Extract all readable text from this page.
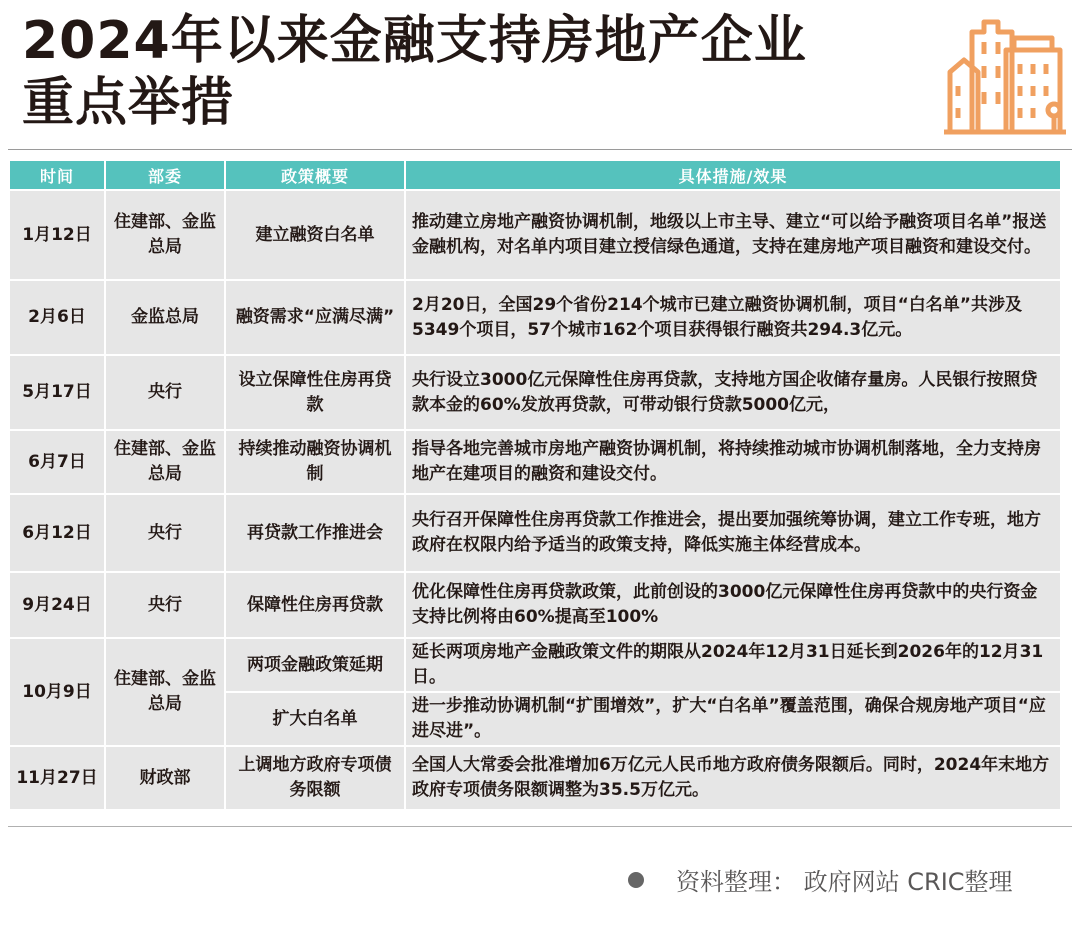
2024年以来金融支持房地产企业
重点举措
时间	部委	政策概要	具体措施/效果
1月12日	住建部、金监总局	建立融资白名单	推动建立房地产融资协调机制，地级以上市主导、建立“可以给予融资项目名单”报送金融机构，对名单内项目建立授信绿色通道，支持在建房地产项目融资和建设交付。
2月6日	金监总局	融资需求“应满尽满”	2月20日，全国29个省份214个城市已建立融资协调机制，项目“白名单”共涉及5349个项目，57个城市162个项目获得银行融资共294.3亿元。
5月17日	央行	设立保障性住房再贷款	央行设立3000亿元保障性住房再贷款，支持地方国企收储存量房。人民银行按照贷款本金的60%发放再贷款，可带动银行贷款5000亿元，
6月7日	住建部、金监总局	持续推动融资协调机制	指导各地完善城市房地产融资协调机制，将持续推动城市协调机制落地，全力支持房地产在建项目的融资和建设交付。
6月12日	央行	再贷款工作推进会	央行召开保障性住房再贷款工作推进会，提出要加强统筹协调，建立工作专班，地方政府在权限内给予适当的政策支持，降低实施主体经营成本。
9月24日	央行	保障性住房再贷款	优化保障性住房再贷款政策，此前创设的3000亿元保障性住房再贷款中的央行资金支持比例将由60%提高至100%
10月9日	住建部、金监总局	两项金融政策延期	延长两项房地产金融政策文件的期限从2024年12月31日延长到2026年的12月31日。
		扩大白名单	进一步推动协调机制“扩围增效”，扩大“白名单”覆盖范围，确保合规房地产项目“应进尽进”。
11月27日	财政部	上调地方政府专项债务限额	全国人大常委会批准增加6万亿元人民币地方政府债务限额后。同时，2024年末地方政府专项债务限额调整为35.5万亿元。
资料整理： 政府网站 CRIC整理
